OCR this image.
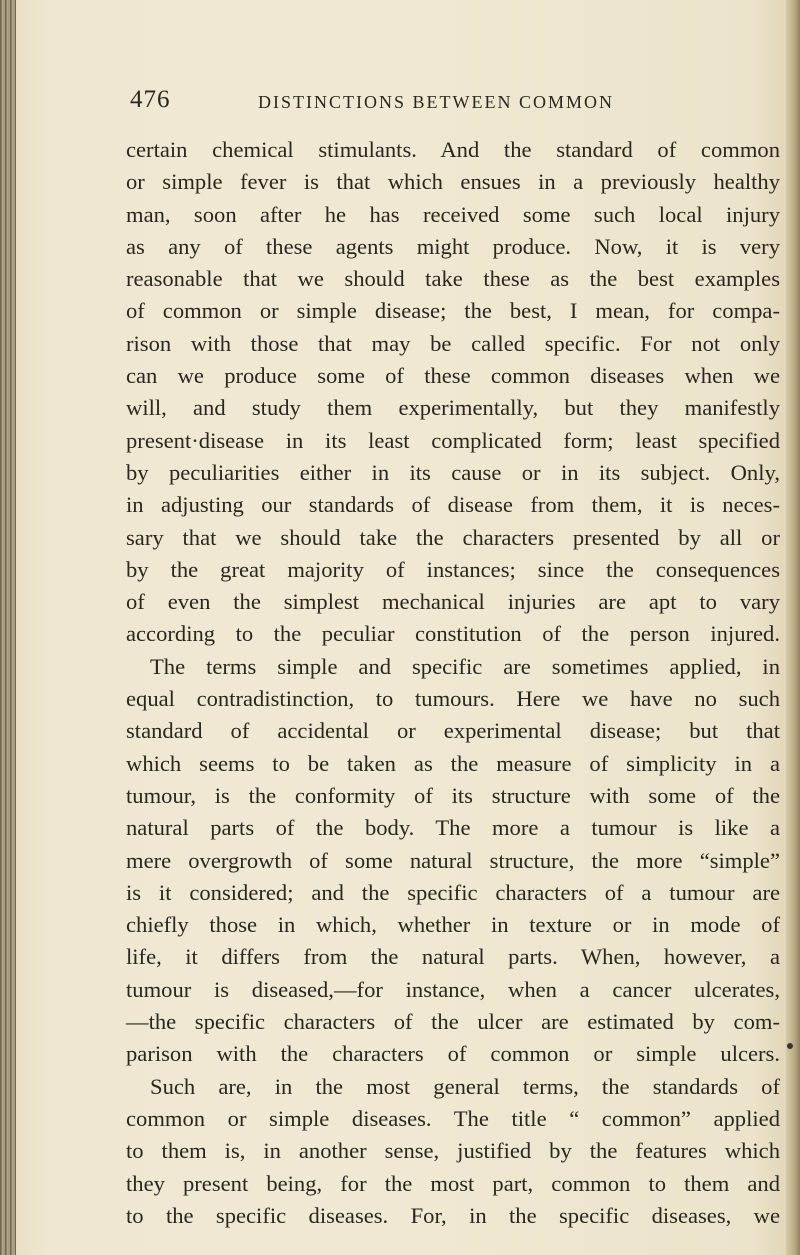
476	DISTINCTIONS BETWEEN COMMON

certain chemical stimulants. And the standard of common

or simple fever is that which ensues in a previously healthy

man, soon after he has received some such local injury

as any of these agents might produce. Now, it is very

reasonable that we should take these as the best examples

of common or simple disease; the best, I mean, for compa-

rison with those that may be called specific. For not only

can we produce some of these common diseases when we

will, and study them experimentally, but they manifestly

present·disease in its least complicated form; least specified

by peculiarities either in its cause or in its subject. Only,

in adjusting our standards of disease from them, it is neces-

sary that we should take the characters presented by all or

by the great majority of instances; since the consequences

of even the simplest mechanical injuries are apt to vary

according to the peculiar constitution of the person injured.

The terms simple and specific are sometimes applied, in

equal contradistinction, to tumours. Here we have no such

standard of accidental or experimental disease; but that

which seems to be taken as the measure of simplicity in a

tumour, is the conformity of its structure with some of the

natural parts of the body. The more a tumour is like a

mere overgrowth of some natural structure, the more “simple”

is it considered; and the specific characters of a tumour are

chiefly those in which, whether in texture or in mode of

life, it differs from the natural parts. When, however, a

tumour is diseased,—for instance, when a cancer ulcerates,

—the specific characters of the ulcer are estimated by com-

parison with the characters of common or simple ulcers.

Such are, in the most general terms, the standards of

common or simple diseases. The title “ common” applied

to them is, in another sense, justified by the features which

they present being, for the most part, common to them and

to the specific diseases. For, in the specific diseases, we
